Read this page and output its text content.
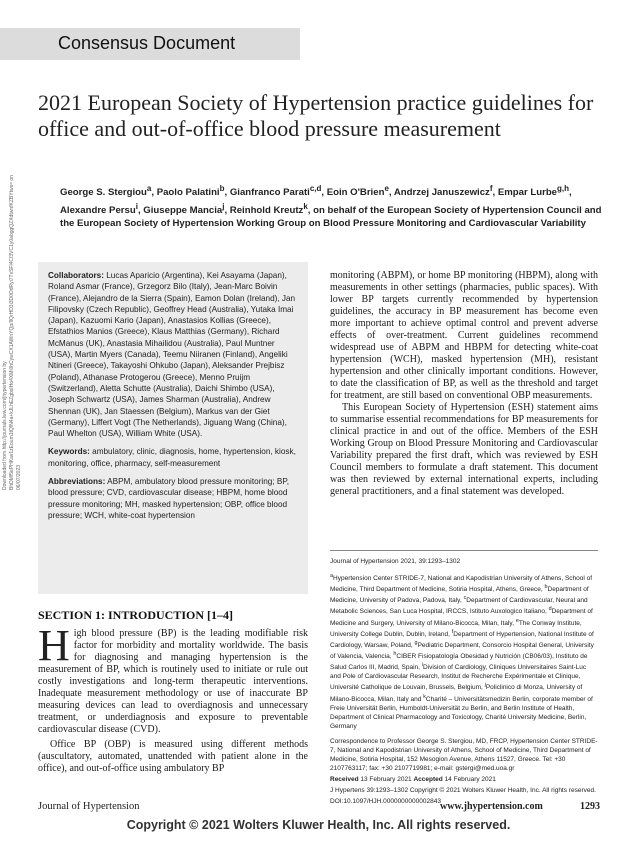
Consensus Document
Downloaded from http://journals.lww.com/jhypertension by BhDMf5ePHKav1zEoum1tQfN4a+kJLhEZgbsIHo4XMi0hCywCX1AWnYQp/IlQrHD3i3D0OdRyi7TvSFl4Cf3VC1y0abggQZXdtwnfKZBYtws= on 06/07/2023
2021 European Society of Hypertension practice guidelines for office and out-of-office blood pressure measurement
George S. Stergiou$^a$, Paolo Palatini$^b$, Gianfranco Parati$^{c,d}$, Eoin O'Brien$^e$, Andrzej Januszewicz$^f$, Empar Lurbe$^{g,h}$, Alexandre Persu$^i$, Giuseppe Mancia$^j$, Reinhold Kreutz$^k$, on behalf of the European Society of Hypertension Council and the European Society of Hypertension Working Group on Blood Pressure Monitoring and Cardiovascular Variability

Collaborators: Lucas Aparicio (Argentina), Kei Asayama (Japan), Roland Asmar (France), Grzegorz Bilo (Italy), Jean-Marc Boivin (France), Alejandro de la Sierra (Spain), Eamon Dolan (Ireland), Jan Filipovsky (Czech Republic), Geoffrey Head (Australia), Yutaka Imai (Japan), Kazuomi Kario (Japan), Anastasios Kollias (Greece), Efstathios Manios (Greece), Klaus Matthias (Germany), Richard McManus (UK), Anastasia Mihailidou (Australia), Paul Muntner (USA), Martin Myers (Canada), Teemu Niiranen (Finland), Angeliki Ntineri (Greece), Takayoshi Ohkubo (Japan), Aleksander Prejbisz (Poland), Athanase Protogerou (Greece), Menno Pruijm (Switzerland), Aletta Schutte (Australia), Daichi Shimbo (USA), Joseph Schwartz (USA), James Sharman (Australia), Andrew Shennan (UK), Jan Staessen (Belgium), Markus van der Giet (Germany), Liffert Vogt (The Netherlands), Jiguang Wang (China), Paul Whelton (USA), William White (USA).

Keywords: ambulatory, clinic, diagnosis, home, hypertension, kiosk, monitoring, office, pharmacy, self-measurement

Abbreviations: ABPM, ambulatory blood pressure monitoring; BP, blood pressure; CVD, cardiovascular disease; HBPM, home blood pressure monitoring; MH, masked hypertension; OBP, office blood pressure; WCH, white-coat hypertension

SECTION 1: INTRODUCTION [1–4]

High blood pressure (BP) is the leading modifiable risk factor for morbidity and mortality worldwide. The basis for diagnosing and managing hypertension is the measurement of BP, which is routinely used to initiate or rule out costly investigations and long-term therapeutic interventions. Inadequate measurement methodology or use of inaccurate BP measuring devices can lead to overdiagnosis and unnecessary treatment, or underdiagnosis and exposure to preventable cardiovascular disease (CVD).

Office BP (OBP) is measured using different methods (auscultatory, automated, unattended with patient alone in the office), and out-of-office using ambulatory BP

monitoring (ABPM), or home BP monitoring (HBPM), along with measurements in other settings (pharmacies, public spaces). With lower BP targets currently recommended by hypertension guidelines, the accuracy in BP measurement has become even more important to achieve optimal control and prevent adverse effects of over-treatment. Current guidelines recommend widespread use of ABPM and HBPM for detecting white-coat hypertension (WCH), masked hypertension (MH), resistant hypertension and other clinically important conditions. However, to date the classification of BP, as well as the threshold and target for treatment, are still based on conventional OBP measurements.

This European Society of Hypertension (ESH) statement aims to summarise essential recommendations for BP measurements for clinical practice in and out of the office. Members of the ESH Working Group on Blood Pressure Monitoring and Cardiovascular Variability prepared the first draft, which was reviewed by ESH Council members to formulate a draft statement. This document was then reviewed by external international experts, including general practitioners, and a final statement was developed.

Journal of Hypertension 2021, 39:1293–1302

$^a$Hypertension Center STRIDE-7, National and Kapodistrian University of Athens, School of Medicine, Third Department of Medicine, Sotiria Hospital, Athens, Greece, $^b$Department of Medicine, University of Padova, Padova, Italy, $^c$Department of Cardiovascular, Neural and Metabolic Sciences, San Luca Hospital, IRCCS, Istituto Auxologico Italiano, $^d$Department of Medicine and Surgery, University of Milano-Bicocca, Milan, Italy, $^e$The Conway Institute, University College Dublin, Dublin, Ireland, $^f$Department of Hypertension, National Institute of Cardiology, Warsaw, Poland, $^g$Pediatric Department, Consorcio Hospital General, University of Valencia, Valencia, $^h$CIBER Fisiopatología Obesidad y Nutrición (CB06/03), Instituto de Salud Carlos III, Madrid, Spain, $^i$Division of Cardiology, Cliniques Universitaires Saint-Luc and Pole of Cardiovascular Research, Institut de Recherche Expérimentale et Clinique, Université Catholique de Louvain, Brussels, Belgium, $^j$Policlinico di Monza, University of Milano-Bicocca, Milan, Italy and $^k$Charité – Universitätsmedizin Berlin, corporate member of Freie Universität Berlin, Humboldt-Universität zu Berlin, and Berlin Institute of Health, Department of Clinical Pharmacology and Toxicology, Charité University Medicine, Berlin, Germany

Correspondence to Professor George S. Stergiou, MD, FRCP, Hypertension Center STRIDE-7, National and Kapodistrian University of Athens, School of Medicine, Third Department of Medicine, Sotiria Hospital, 152 Mesogion Avenue, Athens 11527, Greece. Tel: +30 2107763117; fax: +30 2107719981; e-mail: gstergi@med.uoa.gr

Received 13 February 2021 Accepted 14 February 2021

J Hypertens 39:1293–1302 Copyright © 2021 Wolters Kluwer Health, Inc. All rights reserved.

DOI:10.1097/HJH.0000000000002843

Journal of Hypertension	www.jhypertension.com	1293
Copyright © 2021 Wolters Kluwer Health, Inc. All rights reserved.
